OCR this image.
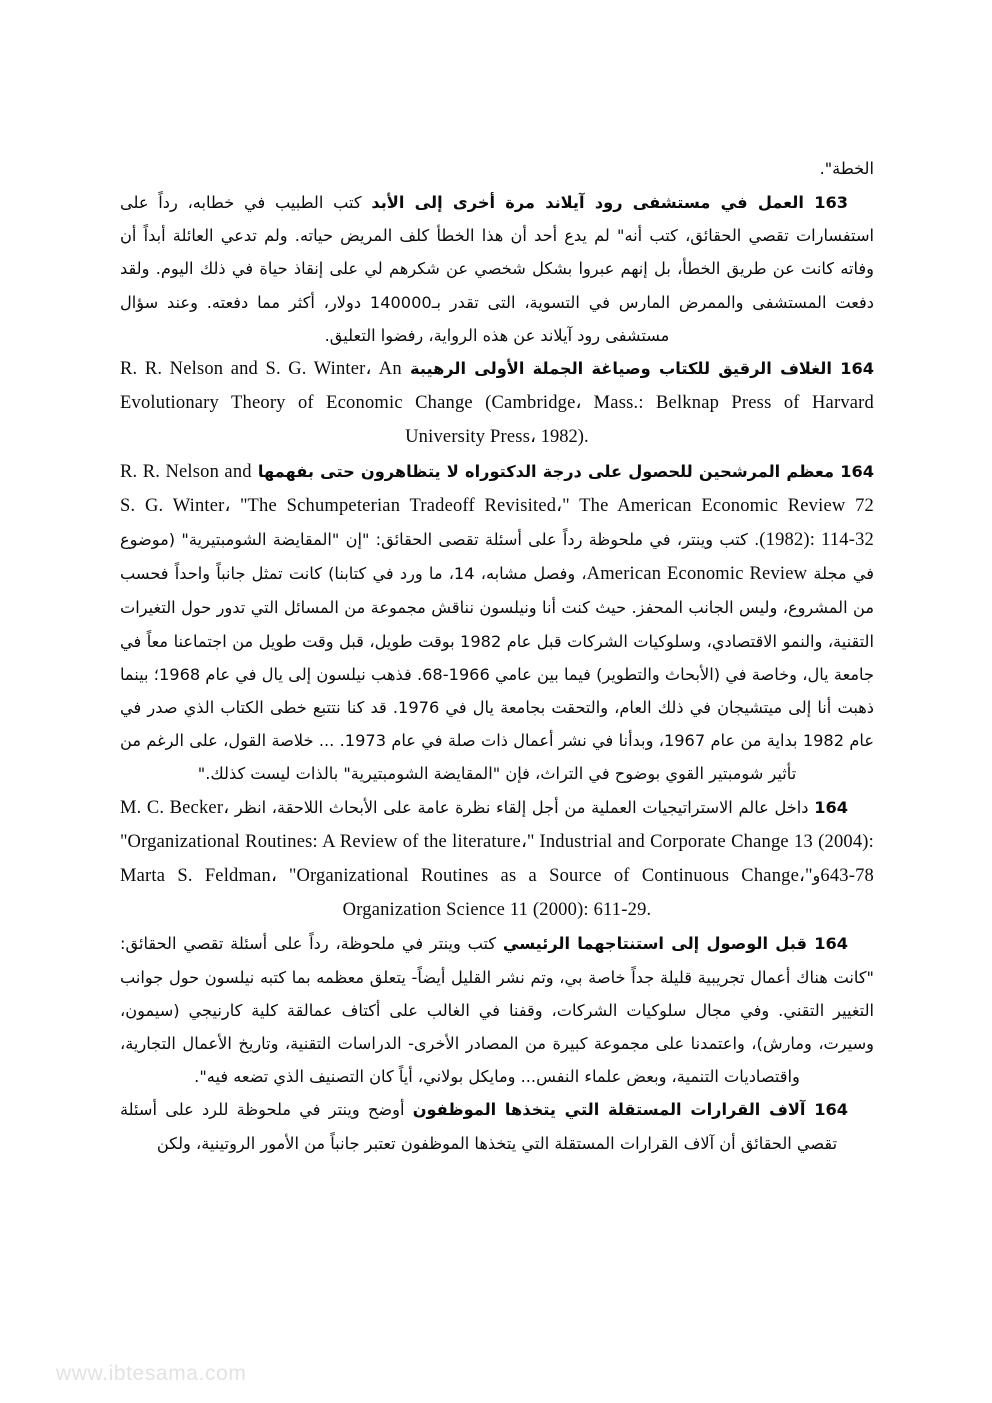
الخطة".

163 العمل في مستشفى رود آيلاند مرة أخرى إلى الأبد كتب الطبيب في خطابه، رداً على استفسارات تقصي الحقائق، كتب أنه" لم يدع أحد أن هذا الخطأ كلف المريض حياته. ولم تدعي العائلة أبداً أن وفاته كانت عن طريق الخطأ، بل إنهم عبروا بشكل شخصي عن شكرهم لي على إنقاذ حياة في ذلك اليوم. ولقد دفعت المستشفى والممرض المارس في التسوية، التى تقدر بـ140000 دولار، أكثر مما دفعته. وعند سؤال مستشفى رود آيلاند عن هذه الرواية، رفضوا التعليق.

164 الغلاف الرقيق للكتاب وصياغة الجملة الأولى الرهيبة R. R. Nelson and S. G. Winter، An Evolutionary Theory of Economic Change (Cambridge، Mass.: Belknap Press of Harvard University Press، 1982).

164 معظم المرشحين للحصول على درجة الدكتوراه لا يتظاهرون حتى بفهمها R. R. Nelson and S. G. Winter، "The Schumpeterian Tradeoff Revisited،" The American Economic Review 72 (1982): 114-32. كتب وينتر، في ملحوظة رداً على أسئلة تقصى الحقائق: "إن "المقايضة الشومبتيرية" (موضوع في مجلة American Economic Review، وفصل مشابه، 14، ما ورد في كتابنا) كانت تمثل جانباً واحداً فحسب من المشروع، وليس الجانب المحفز. حيث كنت أنا ونيلسون نناقش مجموعة من المسائل التي تدور حول التغيرات التقنية، والنمو الاقتصادي، وسلوكيات الشركات قبل عام 1982 بوقت طويل، قبل وقت طويل من اجتماعنا معاً في جامعة يال، وخاصة في (الأبحاث والتطوير) فيما بين عامي 1966-68. فذهب نيلسون إلى يال في عام 1968؛ بينما ذهبت أنا إلى ميتشيجان في ذلك العام، والتحقت بجامعة يال في 1976. قد كنا نتتبع خطى الكتاب الذي صدر في عام 1982 بداية من عام 1967، وبدأنا في نشر أعمال ذات صلة في عام 1973. ... خلاصة القول، على الرغم من تأثير شومبتير القوي بوضوح في التراث، فإن "المقايضة الشومبتيرية" بالذات ليست كذلك."

164 داخل عالم الاستراتيجيات العملية من أجل إلقاء نظرة عامة على الأبحاث اللاحقة، انظر M. C. Becker، "Organizational Routines: A Review of the literature،" Industrial and Corporate Change 13 (2004): 643-78وMarta S. Feldman، "Organizational Routines as a Source of Continuous Change،" Organization Science 11 (2000): 611-29.

164 قبل الوصول إلى استنتاجهما الرئيسي كتب وينتر في ملحوظة، رداً على أسئلة تقصي الحقائق: "كانت هناك أعمال تجريبية قليلة جداً خاصة بي، وتم نشر القليل أيضاً- يتعلق معظمه بما كتبه نيلسون حول جوانب التغيير التقني. وفي مجال سلوكيات الشركات، وقفنا في الغالب على أكتاف عمالقة كلية كارنيجي (سيمون، وسيرت، ومارش)، واعتمدنا على مجموعة كبيرة من المصادر الأخرى- الدراسات التقنية، وتاريخ الأعمال التجارية، واقتصاديات التنمية، وبعض علماء النفس... ومايكل بولاني، أياً كان التصنيف الذي تضعه فيه".

164 آلاف القرارات المستقلة التي يتخذها الموظفون أوضح وينتر في ملحوظة للرد على أسئلة تقصي الحقائق أن آلاف القرارات المستقلة التي يتخذها الموظفون تعتبر جانباً من الأمور الروتينية، ولكن

www.ibtesama.com
